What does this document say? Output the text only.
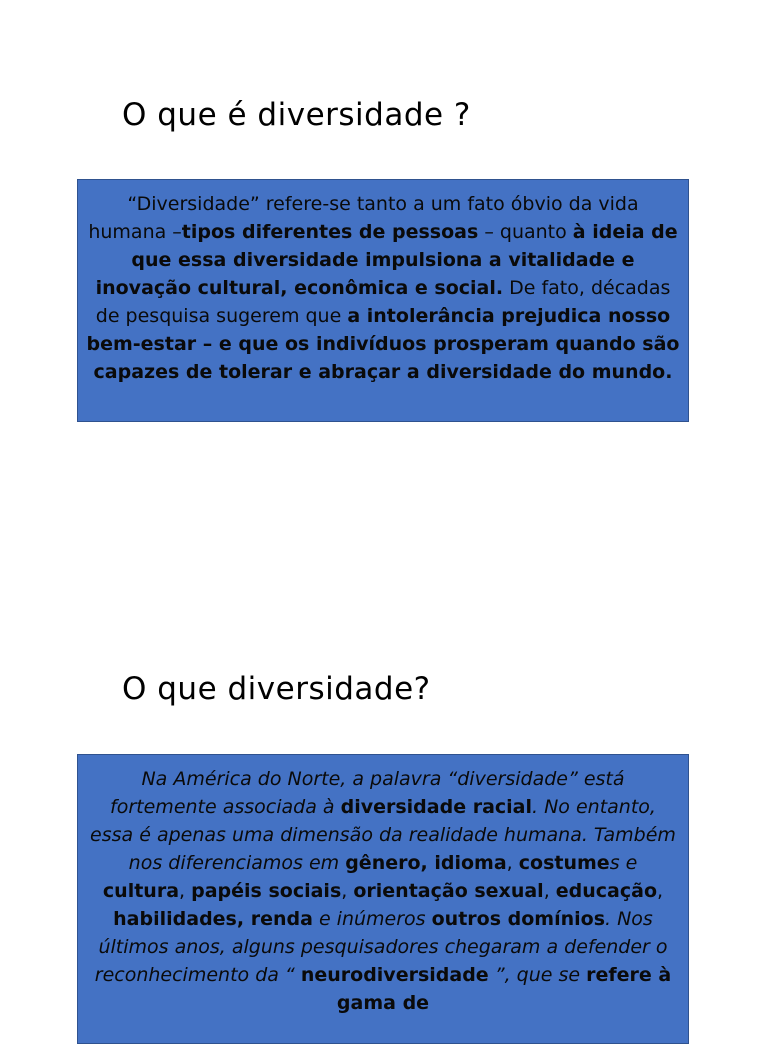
O que é diversidade ?
“Diversidade” refere-se tanto a um fato óbvio da vida humana –tipos diferentes de pessoas – quanto à ideia de que essa diversidade impulsiona a vitalidade e inovação cultural, econômica e social. De fato, décadas de pesquisa sugerem que a intolerância prejudica nosso bem-estar – e que os indivíduos prosperam quando são capazes de tolerar e abraçar a diversidade do mundo.
O que diversidade?
Na América do Norte, a palavra “diversidade” está fortemente associada à diversidade racial. No entanto, essa é apenas uma dimensão da realidade humana. Também nos diferenciamos em gênero, idioma, costumes e cultura, papéis sociais, orientação sexual, educação, habilidades, renda e inúmeros outros domínios. Nos últimos anos, alguns pesquisadores chegaram a defender o reconhecimento da “ neurodiversidade ”, que se refere à gama de
